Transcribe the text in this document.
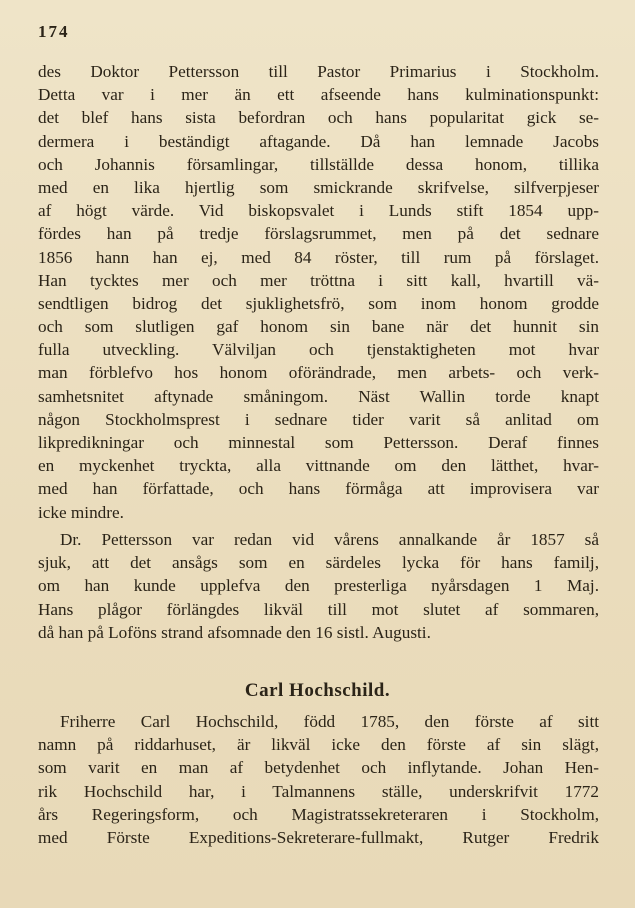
174
des Doktor Pettersson till Pastor Primarius i Stockholm.
Detta var i mer än ett afseende hans kulminationspunkt:
det blef hans sista befordran och hans popularitat gick se-
dermera i beständigt aftagande. Då han lemnade Jacobs
och Johannis församlingar, tillställde dessa honom, tillika
med en lika hjertlig som smickrande skrifvelse, silfverpjeser
af högt värde. Vid biskopsvalet i Lunds stift 1854 upp-
fördes han på tredje förslagsrummet, men på det sednare
1856 hann han ej, med 84 röster, till rum på förslaget.
Han tycktes mer och mer tröttna i sitt kall, hvartill vä-
sendtligen bidrog det sjuklighetsfrö, som inom honom grodde
och som slutligen gaf honom sin bane när det hunnit sin
fulla utveckling. Välviljan och tjenstaktigheten mot hvar
man förblefvo hos honom oförändrade, men arbets- och verk-
samhetsnitet aftynade småningom. Näst Wallin torde knapt
någon Stockholmsprest i sednare tider varit så anlitad om
likpredikningar och minnestal som Pettersson. Deraf finnes
en myckenhet tryckta, alla vittnande om den lätthet, hvar-
med han författade, och hans förmåga att improvisera var
icke mindre.
Dr. Pettersson var redan vid vårens annalkande år 1857 så
sjuk, att det ansågs som en särdeles lycka för hans familj,
om han kunde upplefva den presterliga nyårsdagen 1 Maj.
Hans plågor förlängdes likväl till mot slutet af sommaren,
då han på Loföns strand afsomnade den 16 sistl. Augusti.
Carl Hochschild.
Friherre Carl Hochschild, född 1785, den förste af sitt
namn på riddarhuset, är likväl icke den förste af sin slägt,
som varit en man af betydenhet och inflytande. Johan Hen-
rik Hochschild har, i Talmannens ställe, underskrifvit 1772
års Regeringsform, och Magistratssekreteraren i Stockholm,
med Förste Expeditions-Sekreterare-fullmakt, Rutger Fredrik
